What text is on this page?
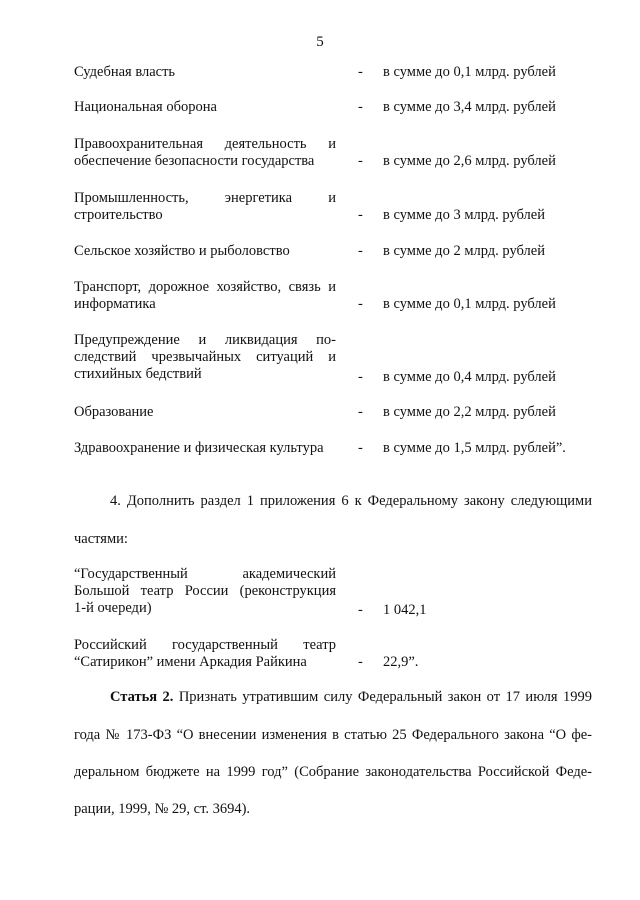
5
Судебная власть	- в сумме до 0,1 млрд. рублей
Национальная оборона	- в сумме до 3,4 млрд. рублей
Правоохранительная деятельность и
обеспечение безопасности государства	- в сумме до 2,6 млрд. рублей
Промышленность, энергетика и
строительство	- в сумме до 3 млрд. рублей
Сельское хозяйство и рыболовство	- в сумме до 2 млрд. рублей
Транспорт, дорожное хозяйство, связь и
информатика	- в сумме до 0,1 млрд. рублей
Предупреждение и ликвидация по-
следствий чрезвычайных ситуаций и
стихийных бедствий	- в сумме до 0,4 млрд. рублей
Образование	- в сумме до 2,2 млрд. рублей
Здравоохранение и физическая культура	- в сумме до 1,5 млрд. рублей”.
4. Дополнить раздел 1 приложения 6 к Федеральному закону следующими
частями:
“Государственный академический
Большой театр России (реконструкция
1-й очереди)	- 1 042,1
Российский государственный театр
“Сатирикон” имени Аркадия Райкина	- 22,9”.
Статья 2. Признать утратившим силу Федеральный закон от 17 июля 1999
года № 173-ФЗ “О внесении изменения в статью 25 Федерального закона “О фе-
деральном бюджете на 1999 год” (Собрание законодательства Российской Феде-
рации, 1999, № 29, ст. 3694).
